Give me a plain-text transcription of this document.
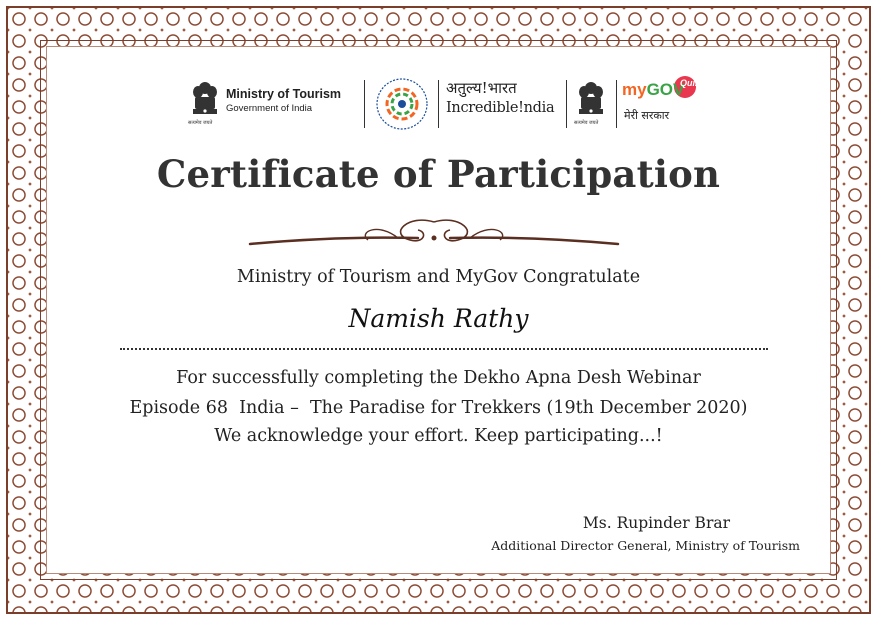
सत्यमेव जयते
Ministry of Tourism
Government of India
अतुल्य!भारत
Incredible!ndia
सत्यमेव जयते
myGOV
Quiz
मेरी सरकार
Certificate of Participation

Ministry of Tourism and MyGov Congratulate

Namish Rathy

For successfully completing the Dekho Apna Desh Webinar

Episode 68  India –  The Paradise for Trekkers (19th December 2020)

We acknowledge your effort. Keep participating...!

Ms. Rupinder Brar

Additional Director General, Ministry of Tourism
